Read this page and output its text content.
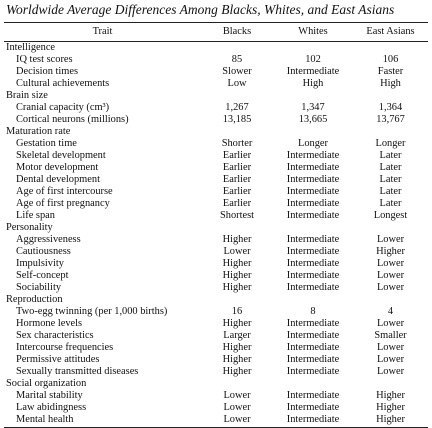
Worldwide Average Differences Among Blacks, Whites, and East Asians
Trait	Blacks	Whites	East Asians
Intelligence			
IQ test scores	85	102	106
Decision times	Slower	Intermediate	Faster
Cultural achievements	Low	High	High
Brain size			
Cranial capacity (cm³)	1,267	1,347	1,364
Cortical neurons (millions)	13,185	13,665	13,767
Maturation rate			
Gestation time	Shorter	Longer	Longer
Skeletal development	Earlier	Intermediate	Later
Motor development	Earlier	Intermediate	Later
Dental development	Earlier	Intermediate	Later
Age of first intercourse	Earlier	Intermediate	Later
Age of first pregnancy	Earlier	Intermediate	Later
Life span	Shortest	Intermediate	Longest
Personality			
Aggressiveness	Higher	Intermediate	Lower
Cautiousness	Lower	Intermediate	Higher
Impulsivity	Higher	Intermediate	Lower
Self-concept	Higher	Intermediate	Lower
Sociability	Higher	Intermediate	Lower
Reproduction			
Two-egg twinning (per 1,000 births)	16	8	4
Hormone levels	Higher	Intermediate	Lower
Sex characteristics	Larger	Intermediate	Smaller
Intercourse frequencies	Higher	Intermediate	Lower
Permissive attitudes	Higher	Intermediate	Lower
Sexually transmitted diseases	Higher	Intermediate	Lower
Social organization			
Marital stability	Lower	Intermediate	Higher
Law abidingness	Lower	Intermediate	Higher
Mental health	Lower	Intermediate	Higher
